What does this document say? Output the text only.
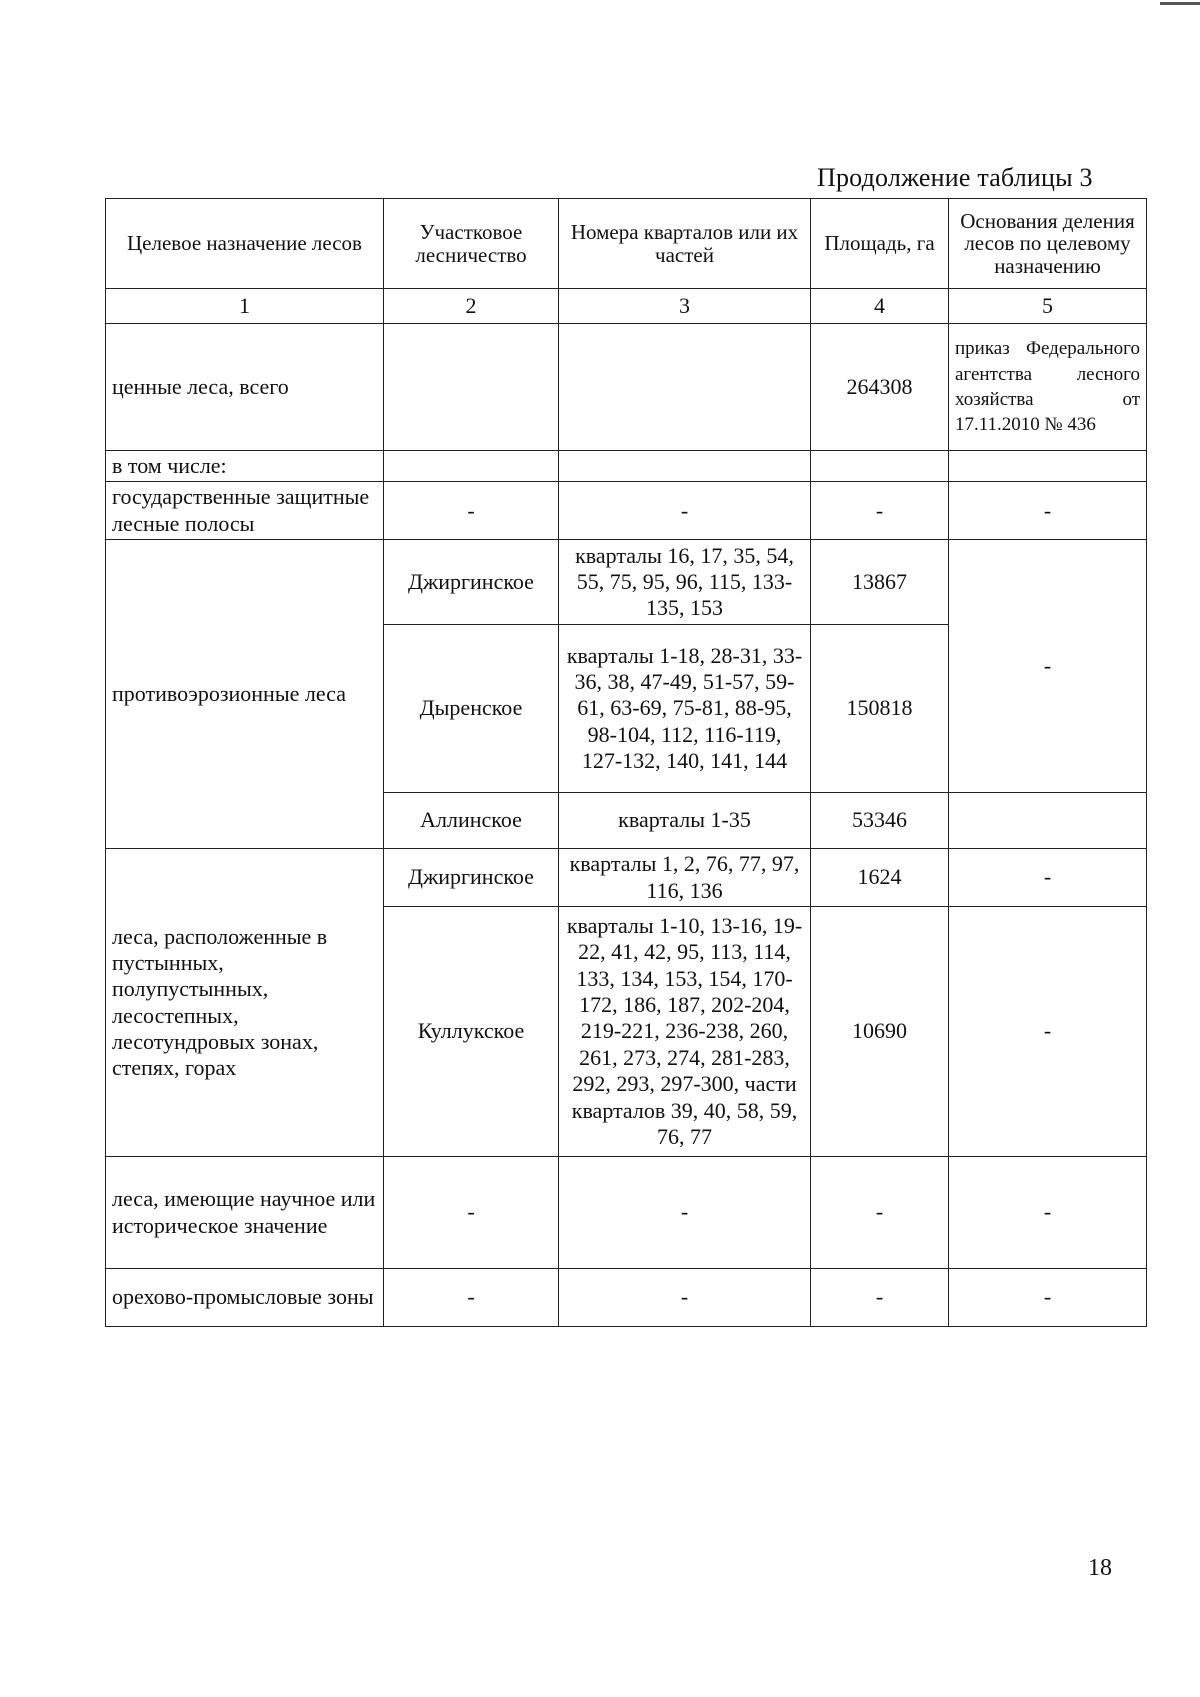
Продолжение таблицы 3
Целевое назначение лесов	Участковое лесничество	Номера кварталов или их частей	Площадь, га	Основания деления лесов по целевому назначению
1	2	3	4	5
ценные леса, всего			264308	приказ Федерального агентства лесного хозяйства от 17.11.2010 № 436

в том числе:				
государственные защитные лесные полосы	-	-	-	-
противоэрозионные леса	Джиргинское	кварталы 16, 17, 35, 54, 55, 75, 95, 96, 115, 133-135, 153	13867	-
	Дыренское	кварталы 1-18, 28-31, 33-36, 38, 47-49, 51-57, 59-61, 63-69, 75-81, 88-95, 98-104, 112, 116-119, 127-132, 140, 141, 144	150818	
	Аллинское	кварталы 1-35	53346	
леса, расположенные в пустынных, полупустынных, лесостепных, лесотундровых зонах, степях, горах	Джиргинское	кварталы 1, 2, 76, 77, 97, 116, 136	1624	-
	Куллукское	кварталы 1-10, 13-16, 19-22, 41, 42, 95, 113, 114, 133, 134, 153, 154, 170-172, 186, 187, 202-204, 219-221, 236-238, 260, 261, 273, 274, 281-283, 292, 293, 297-300, части кварталов 39, 40, 58, 59, 76, 77	10690	-
леса, имеющие научное или историческое значение	-	-	-	-
орехово-промысловые зоны	-	-	-	-
18
